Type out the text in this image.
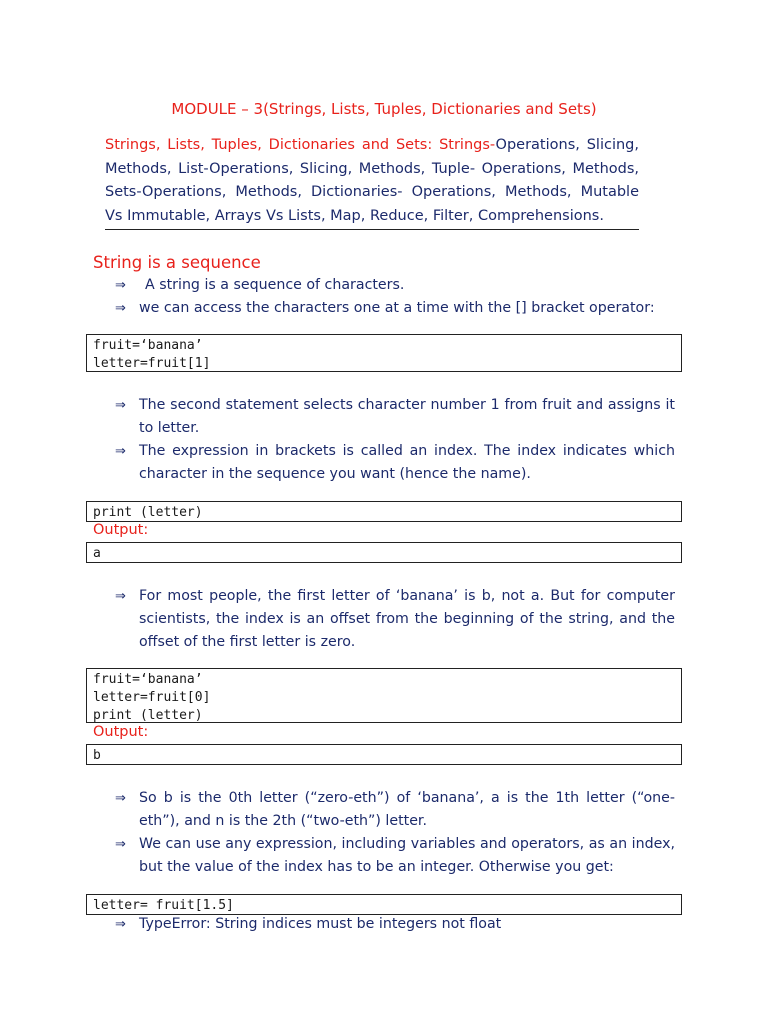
MODULE – 3(Strings, Lists, Tuples, Dictionaries and Sets)
Strings, Lists, Tuples, Dictionaries and Sets: Strings-Operations, Slicing,
Methods, List-Operations, Slicing, Methods, Tuple- Operations, Methods,
Sets-Operations, Methods, Dictionaries- Operations, Methods, Mutable
Vs Immutable, Arrays Vs Lists, Map, Reduce, Filter, Comprehensions.
String is a sequence
⇒	A string is a sequence of characters.
⇒ we can access the characters one at a time with the [] bracket operator:
fruit=‘banana’
letter=fruit[1]
⇒ The second statement selects character number 1 from fruit and assigns it to letter.
⇒ The expression in brackets is called an index. The index indicates which character in the sequence you want (hence the name).
print (letter)
Output:
a
⇒ For most people, the first letter of ‘banana’ is b, not a. But for computer scientists, the index is an offset from the beginning of the string, and the offset of the first letter is zero.
fruit=‘banana’
letter=fruit[0]
print (letter)
Output:
b
⇒ So b is the 0th letter (“zero-eth”) of ‘banana’, a is the 1th letter (“one-eth”), and n is the 2th (“two-eth”) letter.
⇒ We can use any expression, including variables and operators, as an index, but the value of the index has to be an integer. Otherwise you get:
letter= fruit[1.5]
⇒ TypeError: String indices must be integers not float
